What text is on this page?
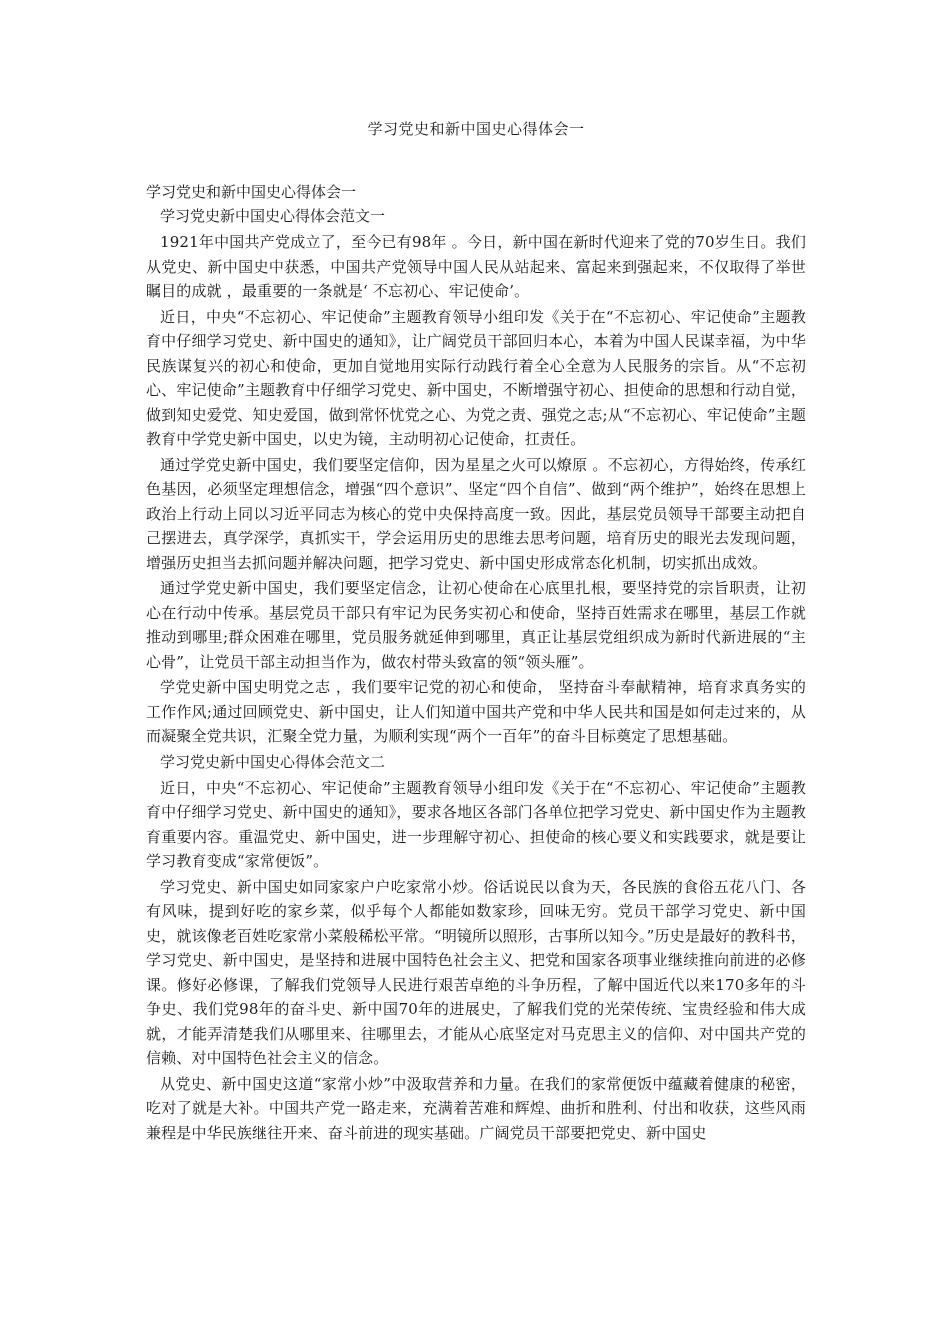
学习党史和新中国史心得体会一
学习党史和新中国史心得体会一
学习党史新中国史心得体会范文一

1921年中国共产党成立了，至今已有98年 。今日，新中国在新时代迎来了党的70岁生日。我们从党史、新中国史中获悉，中国共产党领导中国人民从站起来、富起来到强起来，不仅取得了举世瞩目的成就 ，最重要的一条就是‘ 不忘初心、牢记使命’。

近日，中央“不忘初心、牢记使命”主题教育领导小组印发《关于在“不忘初心、牢记使命”主题教育中仔细学习党史、新中国史的通知》，让广阔党员干部回归本心，本着为中国人民谋幸福，为中华民族谋复兴的初心和使命，更加自觉地用实际行动践行着全心全意为人民服务的宗旨。从“不忘初心、牢记使命”主题教育中仔细学习党史、新中国史，不断增强守初心、担使命的思想和行动自觉，做到知史爱党、知史爱国，做到常怀忧党之心、为党之责、强党之志;从“不忘初心、牢记使命”主题教育中学党史新中国史，以史为镜，主动明初心记使命，扛责任。

通过学党史新中国史，我们要坚定信仰，因为星星之火可以燎原 。不忘初心，方得始终，传承红色基因，必须坚定理想信念，增强“四个意识”、坚定“四个自信”、做到“两个维护”，始终在思想上政治上行动上同以习近平同志为核心的党中央保持高度一致。因此，基层党员领导干部要主动把自己摆进去，真学深学，真抓实干，学会运用历史的思维去思考问题，培育历史的眼光去发现问题，增强历史担当去抓问题并解决问题，把学习党史、新中国史形成常态化机制，切实抓出成效。

通过学党史新中国史，我们要坚定信念，让初心使命在心底里扎根，要坚持党的宗旨职责，让初心在行动中传承。基层党员干部只有牢记为民务实初心和使命，坚持百姓需求在哪里，基层工作就推动到哪里;群众困难在哪里，党员服务就延伸到哪里，真正让基层党组织成为新时代新进展的“主心骨”，让党员干部主动担当作为，做农村带头致富的领“领头雁”。

学党史新中国史明党之志 ，我们要牢记党的初心和使命， 坚持奋斗奉献精神，培育求真务实的工作作风;通过回顾党史、新中国史，让人们知道中国共产党和中华人民共和国是如何走过来的，从而凝聚全党共识，汇聚全党力量，为顺利实现“两个一百年”的奋斗目标奠定了思想基础。

学习党史新中国史心得体会范文二

近日，中央“不忘初心、牢记使命”主题教育领导小组印发《关于在“不忘初心、牢记使命”主题教育中仔细学习党史、新中国史的通知》，要求各地区各部门各单位把学习党史、新中国史作为主题教育重要内容。重温党史、新中国史，进一步理解守初心、担使命的核心要义和实践要求，就是要让学习教育变成“家常便饭”。

学习党史、新中国史如同家家户户吃家常小炒。俗话说民以食为天，各民族的食俗五花八门、各有风味，提到好吃的家乡菜，似乎每个人都能如数家珍，回味无穷。党员干部学习党史、新中国史，就该像老百姓吃家常小菜般稀松平常。“明镜所以照形，古事所以知今。”历史是最好的教科书，学习党史、新中国史，是坚持和进展中国特色社会主义、把党和国家各项事业继续推向前进的必修课。修好必修课，了解我们党领导人民进行艰苦卓绝的斗争历程，了解中国近代以来170多年的斗争史、我们党98年的奋斗史、新中国70年的进展史，了解我们党的光荣传统、宝贵经验和伟大成就，才能弄清楚我们从哪里来、往哪里去，才能从心底坚定对马克思主义的信仰、对中国共产党的信赖、对中国特色社会主义的信念。

从党史、新中国史这道“家常小炒”中汲取营养和力量。在我们的家常便饭中蕴藏着健康的秘密，吃对了就是大补。中国共产党一路走来，充满着苦难和辉煌、曲折和胜利、付出和收获，这些风雨兼程是中华民族继往开来、奋斗前进的现实基础。广阔党员干部要把党史、新中国史
